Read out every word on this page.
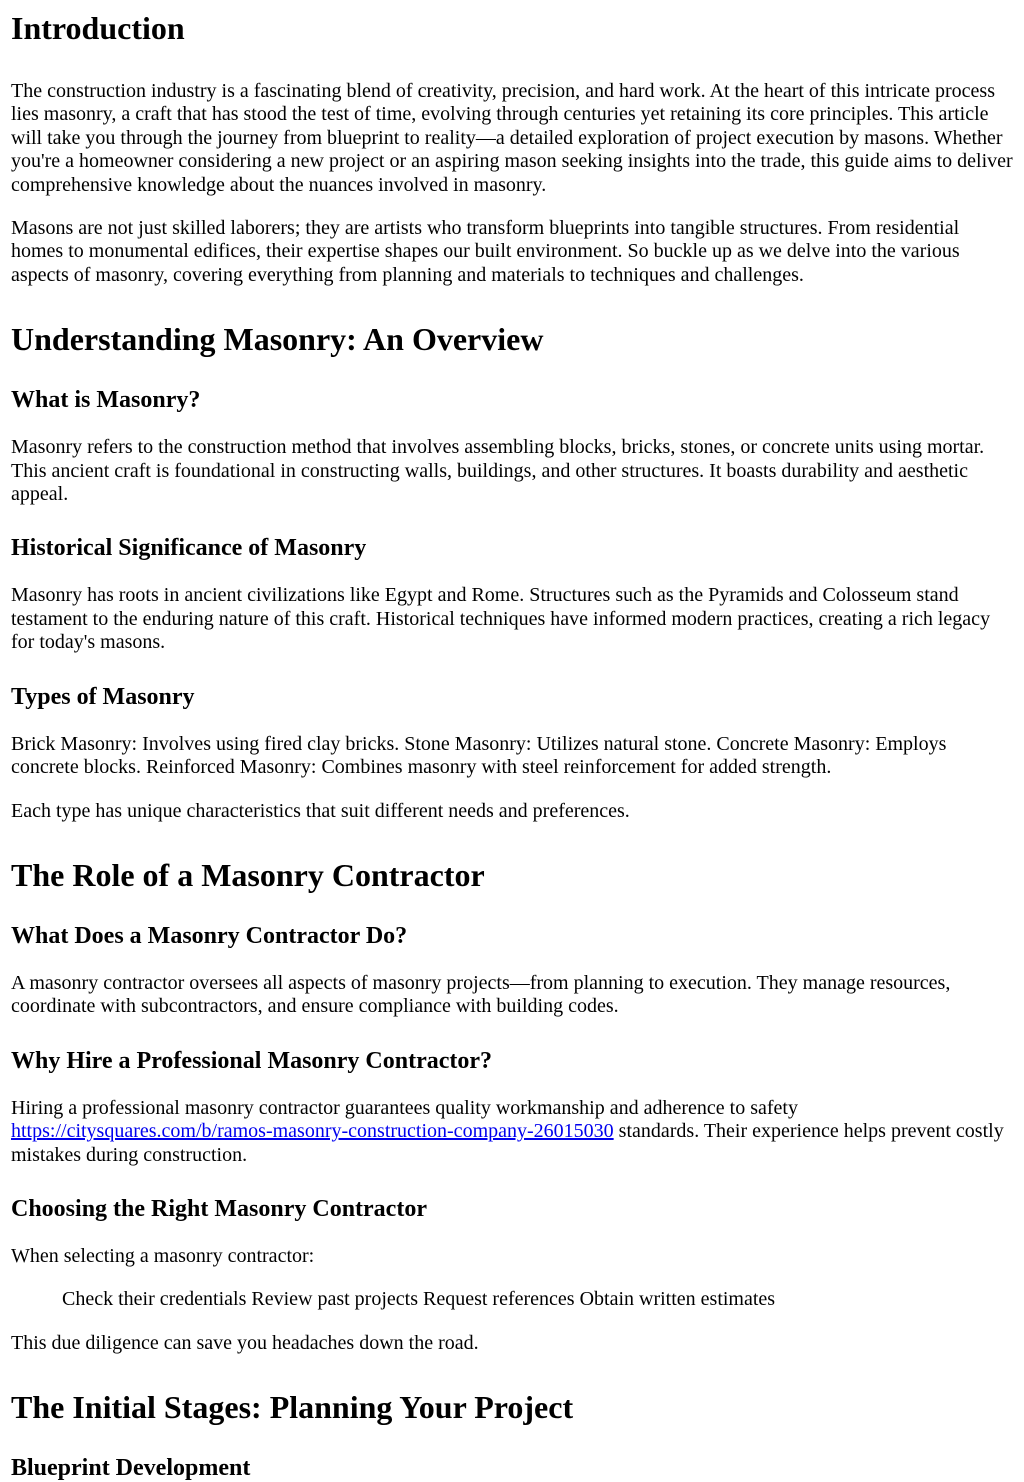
Introduction

The construction industry is a fascinating blend of creativity, precision, and hard work. At the heart of this intricate process lies masonry, a craft that has stood the test of time, evolving through centuries yet retaining its core principles. This article will take you through the journey from blueprint to reality—a detailed exploration of project execution by masons. Whether you're a homeowner considering a new project or an aspiring mason seeking insights into the trade, this guide aims to deliver comprehensive knowledge about the nuances involved in masonry.

Masons are not just skilled laborers; they are artists who transform blueprints into tangible structures. From residential homes to monumental edifices, their expertise shapes our built environment. So buckle up as we delve into the various aspects of masonry, covering everything from planning and materials to techniques and challenges.

Understanding Masonry: An Overview
What is Masonry?

Masonry refers to the construction method that involves assembling blocks, bricks, stones, or concrete units using mortar. This ancient craft is foundational in constructing walls, buildings, and other structures. It boasts durability and aesthetic appeal.

Historical Significance of Masonry

Masonry has roots in ancient civilizations like Egypt and Rome. Structures such as the Pyramids and Colosseum stand testament to the enduring nature of this craft. Historical techniques have informed modern practices, creating a rich legacy for today's masons.

Types of Masonry

Brick Masonry: Involves using fired clay bricks. Stone Masonry: Utilizes natural stone. Concrete Masonry: Employs concrete blocks. Reinforced Masonry: Combines masonry with steel reinforcement for added strength.

Each type has unique characteristics that suit different needs and preferences.

The Role of a Masonry Contractor
What Does a Masonry Contractor Do?

A masonry contractor oversees all aspects of masonry projects—from planning to execution. They manage resources, coordinate with subcontractors, and ensure compliance with building codes.

Why Hire a Professional Masonry Contractor?

Hiring a professional masonry contractor guarantees quality workmanship and adherence to safety https://citysquares.com/b/ramos-masonry-construction-company-26015030 standards. Their experience helps prevent costly mistakes during construction.

Choosing the Right Masonry Contractor

When selecting a masonry contractor:

Check their credentials Review past projects Request references Obtain written estimates

This due diligence can save you headaches down the road.

The Initial Stages: Planning Your Project
Blueprint Development
